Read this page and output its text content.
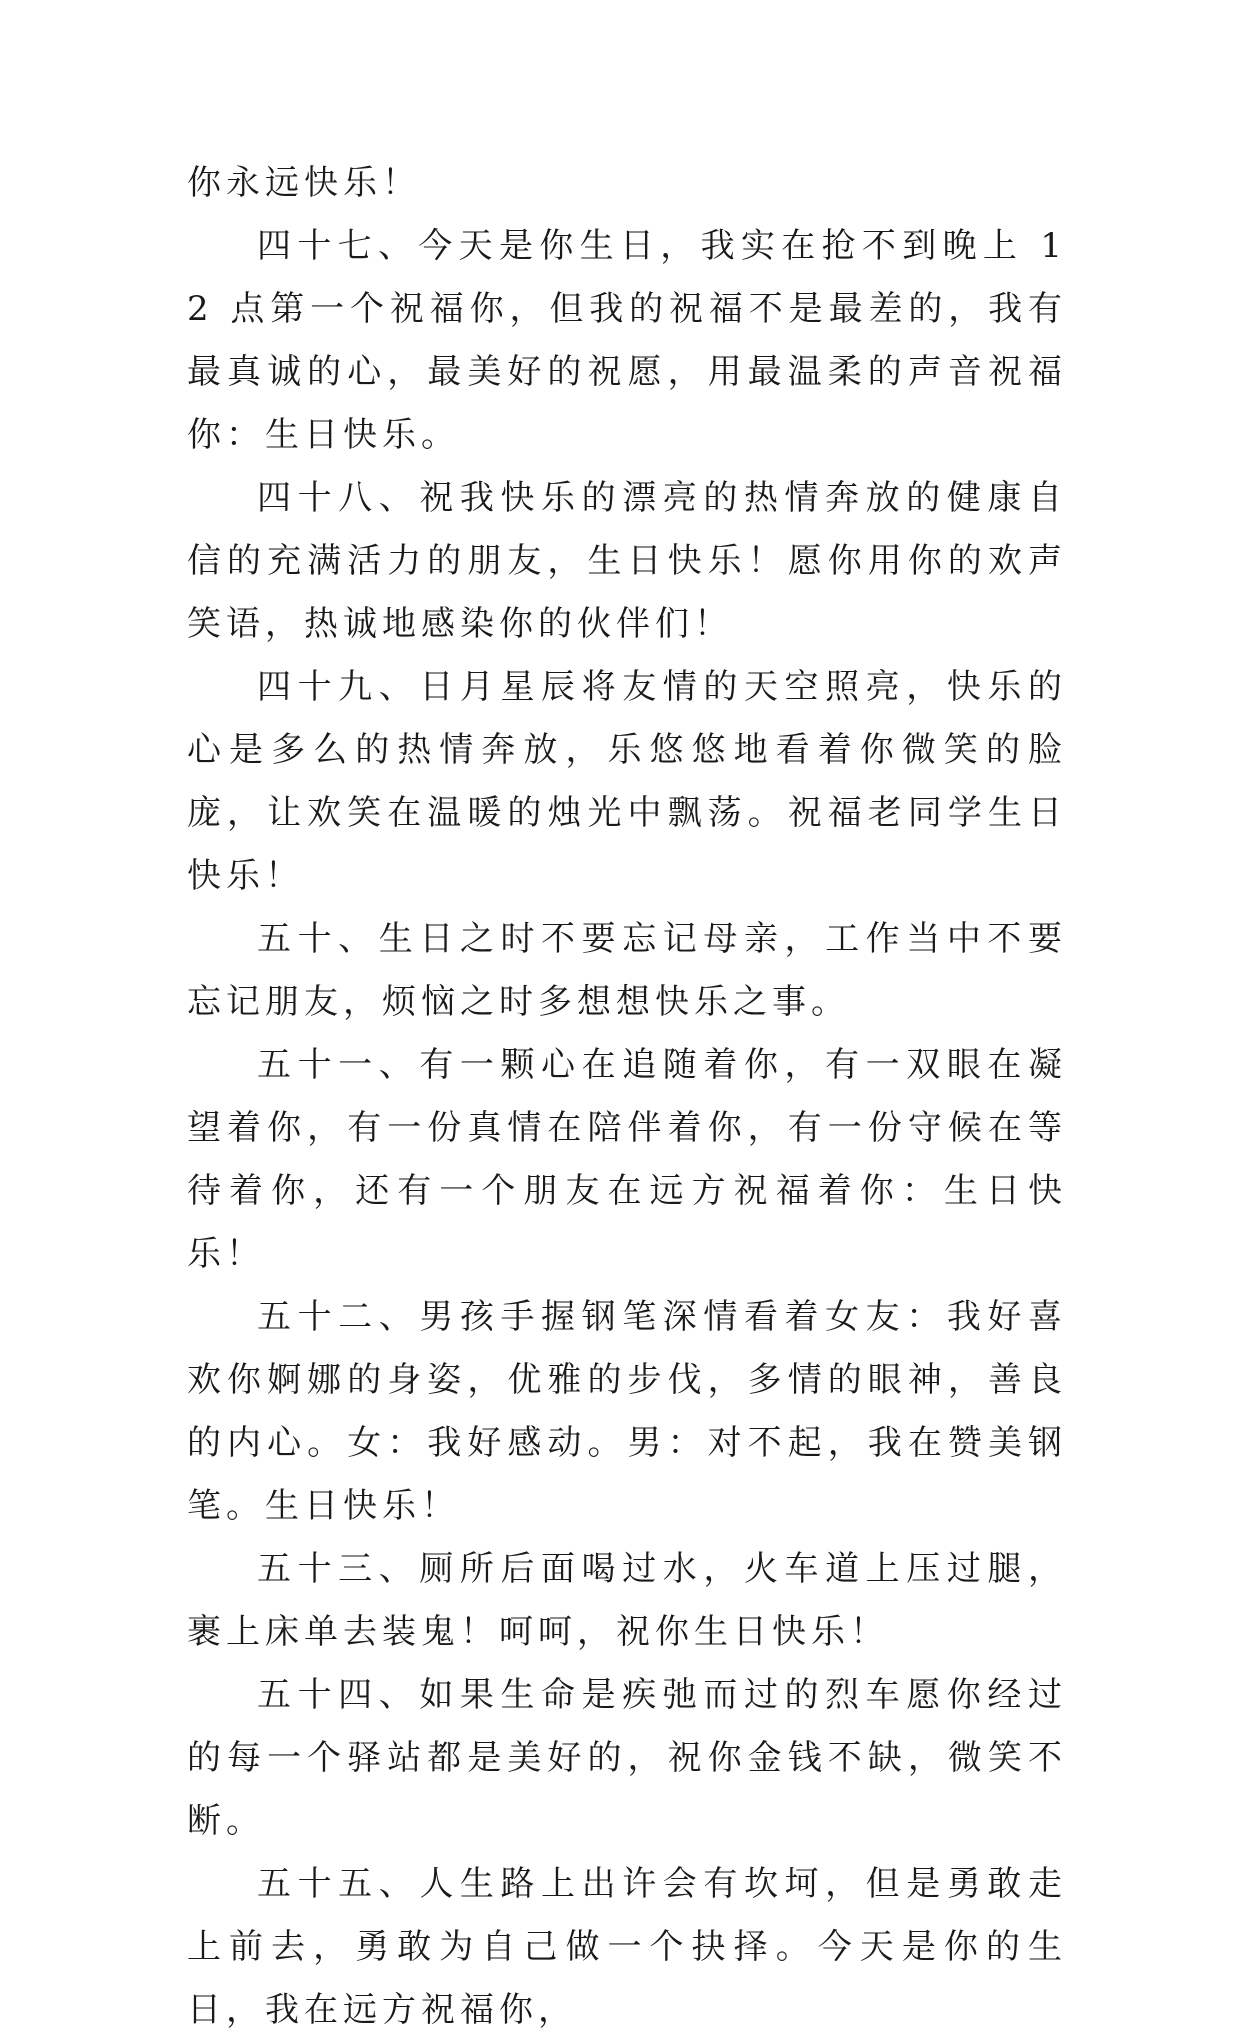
你永远快乐！

四十七、今天是你生日，我实在抢不到晚上 12 点第一个祝福你，但我的祝福不是最差的，我有最真诚的心，最美好的祝愿，用最温柔的声音祝福你：生日快乐。

四十八、祝我快乐的漂亮的热情奔放的健康自信的充满活力的朋友，生日快乐！愿你用你的欢声笑语，热诚地感染你的伙伴们！

四十九、日月星辰将友情的天空照亮，快乐的心是多么的热情奔放，乐悠悠地看着你微笑的脸庞，让欢笑在温暖的烛光中飘荡。祝福老同学生日快乐！

五十、生日之时不要忘记母亲，工作当中不要忘记朋友，烦恼之时多想想快乐之事。

五十一、有一颗心在追随着你，有一双眼在凝望着你，有一份真情在陪伴着你，有一份守候在等待着你，还有一个朋友在远方祝福着你：生日快乐！

五十二、男孩手握钢笔深情看着女友：我好喜欢你婀娜的身姿，优雅的步伐，多情的眼神，善良的内心。女：我好感动。男：对不起，我在赞美钢笔。生日快乐！

五十三、厕所后面喝过水，火车道上压过腿，裹上床单去装鬼！呵呵，祝你生日快乐！

五十四、如果生命是疾弛而过的烈车愿你经过的每一个驿站都是美好的，祝你金钱不缺，微笑不断。

五十五、人生路上出许会有坎坷，但是勇敢走上前去，勇敢为自己做一个抉择。今天是你的生日，我在远方祝福你，
